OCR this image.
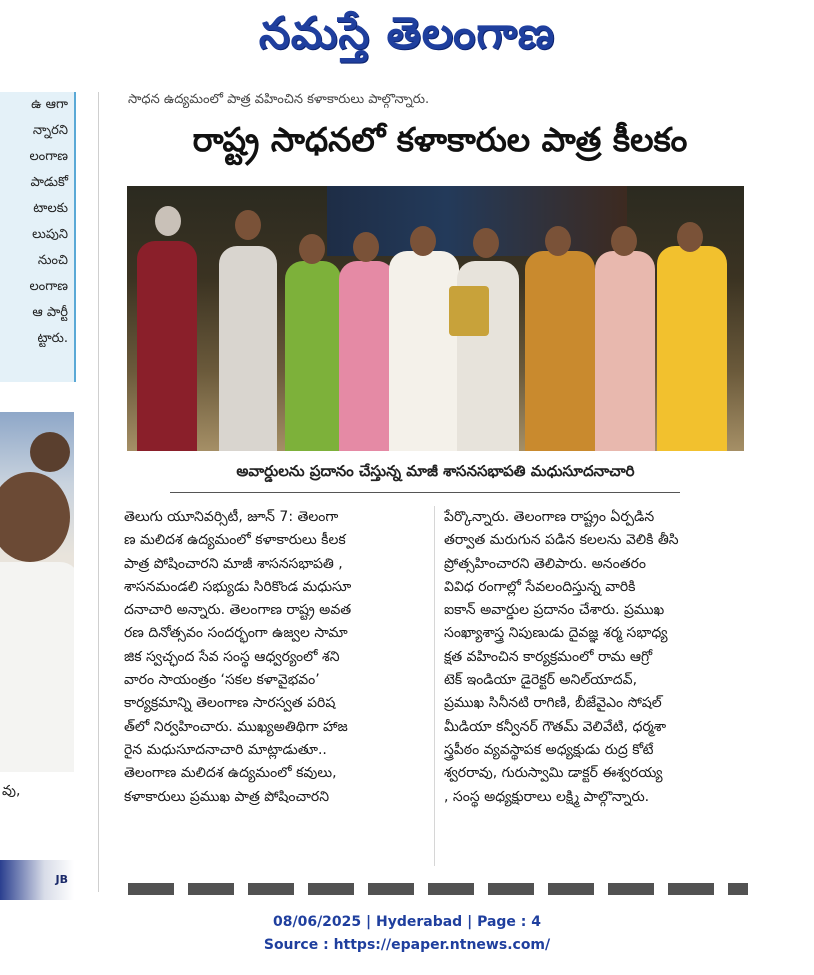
నమస్తే తెలంగాణ
ఉ ఆగా
న్నారని
లంగాణ
పాడుకో
టాలకు
లుపుని
నుంచి
లంగాణ
ఆ పార్టీ
ట్టారు.
వు,
JB
సాధన ఉద్యమంలో పాత్ర వహించిన కళాకారులు పాల్గొన్నారు.
రాష్ట్ర సాధనలో కళాకారుల పాత్ర కీలకం
అవార్డులను ప్రదానం చేస్తున్న మాజీ శాసనసభాపతి మధుసూదనాచారి
తెలుగు యూనివర్సిటీ, జూన్ 7: తెలంగా
ణ మలిదశ ఉద్యమంలో కళాకారులు కీలక
పాత్ర పోషించారని మాజీ శాసనసభాపతి ,
శాసనమండలి సభ్యుడు సిరికొండ మధుసూ
దనాచారి అన్నారు. తెలంగాణ రాష్ట్ర అవత
రణ దినోత్సవం సందర్భంగా ఉజ్వల సామా
జిక స్వచ్ఛంద సేవ సంస్థ ఆధ్వర్యంలో శని
వారం సాయంత్రం ‘సకల కళావైభవం’
కార్యక్రమాన్ని తెలంగాణ సారస్వత పరిష
త్‌లో నిర్వహించారు. ముఖ్యఅతిథిగా హాజ
రైన మధుసూదనాచారి మాట్లాడుతూ..
తెలంగాణ మలిదశ ఉద్యమంలో కవులు,
కళాకారులు ప్రముఖ పాత్ర పోషించారని
పేర్కొన్నారు. తెలంగాణ రాష్ట్రం ఏర్పడిన
తర్వాత మరుగున పడిన కలలను వెలికి తీసి
ప్రోత్సహించారని తెలిపారు. అనంతరం
వివిధ రంగాల్లో సేవలందిస్తున్న వారికి
ఐకాన్ అవార్డుల ప్రదానం చేశారు. ప్రముఖ
సంఖ్యాశాస్త్ర నిపుణుడు దైవజ్ఞ శర్మ సభాధ్య
క్షత వహించిన కార్యక్రమంలో రామ ఆగ్రో
టెక్ ఇండియా డైరెక్టర్ అనిల్‌యాదవ్,
ప్రముఖ సినీనటి రాగిణి, బీజేవైఎం సోషల్
మీడియా కన్వీనర్ గౌతమ్ వెలివేటి, ధర్మశా
స్త్రపీఠం వ్యవస్థాపక అధ్యక్షుడు రుద్ర కోటే
శ్వరరావు, గురుస్వామి డాక్టర్ ఈశ్వరయ్య
, సంస్థ అధ్యక్షురాలు లక్ష్మి పాల్గొన్నారు.
08/06/2025 | Hyderabad | Page : 4
Source : https://epaper.ntnews.com/
